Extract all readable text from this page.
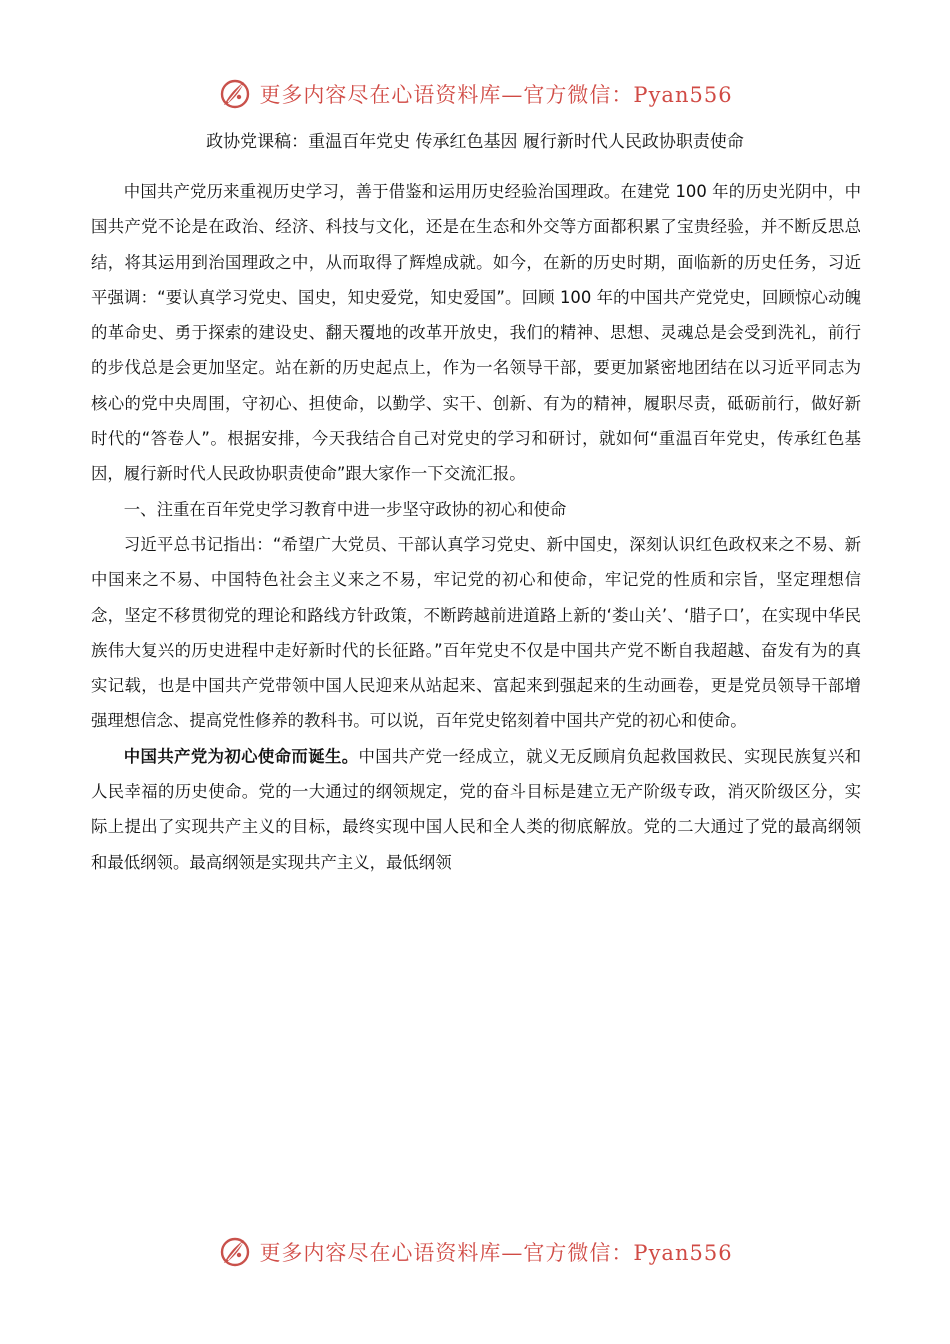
更多内容尽在心语资料库—官方微信：Pyan556
政协党课稿：重温百年党史 传承红色基因 履行新时代人民政协职责使命

中国共产党历来重视历史学习，善于借鉴和运用历史经验治国理政。在建党 100 年的历史光阴中，中国共产党不论是在政治、经济、科技与文化，还是在生态和外交等方面都积累了宝贵经验，并不断反思总结，将其运用到治国理政之中，从而取得了辉煌成就。如今，在新的历史时期，面临新的历史任务，习近平强调：“要认真学习党史、国史，知史爱党，知史爱国”。回顾 100 年的中国共产党党史，回顾惊心动魄的革命史、勇于探索的建设史、翻天覆地的改革开放史，我们的精神、思想、灵魂总是会受到洗礼，前行的步伐总是会更加坚定。站在新的历史起点上，作为一名领导干部，要更加紧密地团结在以习近平同志为核心的党中央周围，守初心、担使命，以勤学、实干、创新、有为的精神，履职尽责，砥砺前行，做好新时代的“答卷人”。根据安排，今天我结合自己对党史的学习和研讨，就如何“重温百年党史，传承红色基因，履行新时代人民政协职责使命”跟大家作一下交流汇报。

一、注重在百年党史学习教育中进一步坚守政协的初心和使命

习近平总书记指出：“希望广大党员、干部认真学习党史、新中国史，深刻认识红色政权来之不易、新中国来之不易、中国特色社会主义来之不易，牢记党的初心和使命，牢记党的性质和宗旨，坚定理想信念，坚定不移贯彻党的理论和路线方针政策，不断跨越前进道路上新的‘娄山关’、‘腊子口’，在实现中华民族伟大复兴的历史进程中走好新时代的长征路。”百年党史不仅是中国共产党不断自我超越、奋发有为的真实记载，也是中国共产党带领中国人民迎来从站起来、富起来到强起来的生动画卷，更是党员领导干部增强理想信念、提高党性修养的教科书。可以说，百年党史铭刻着中国共产党的初心和使命。

中国共产党为初心使命而诞生。中国共产党一经成立，就义无反顾肩负起救国救民、实现民族复兴和人民幸福的历史使命。党的一大通过的纲领规定，党的奋斗目标是建立无产阶级专政，消灭阶级区分，实际上提出了实现共产主义的目标，最终实现中国人民和全人类的彻底解放。党的二大通过了党的最高纲领和最低纲领。最高纲领是实现共产主义，最低纲领

更多内容尽在心语资料库—官方微信：Pyan556
